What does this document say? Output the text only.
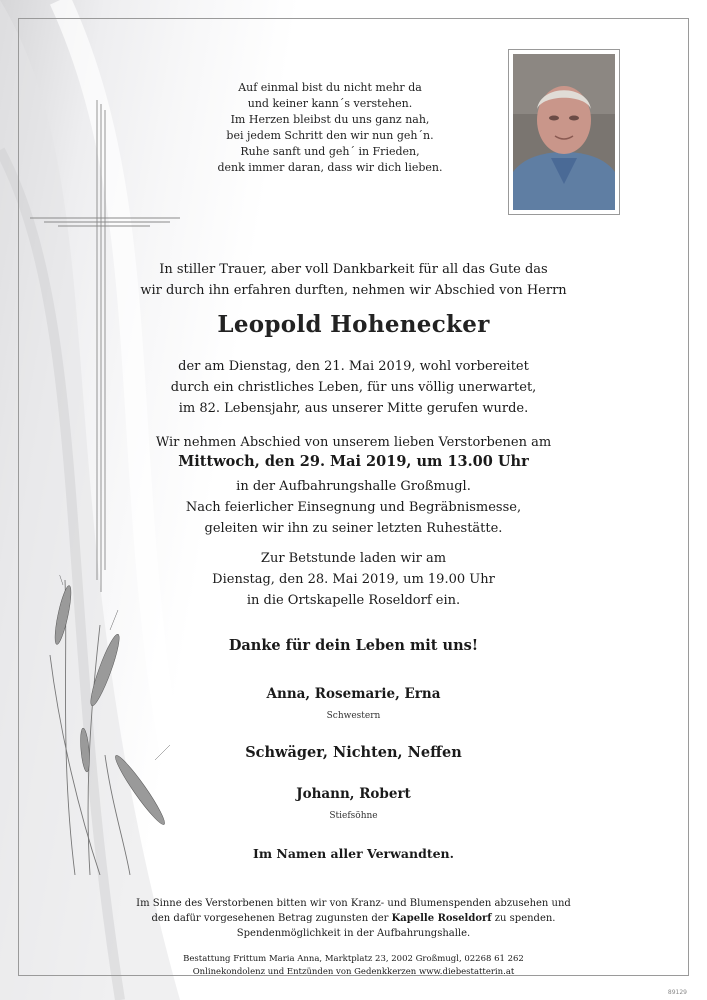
Auf einmal bist du nicht mehr da
und keiner kann´s verstehen.
Im Herzen bleibst du uns ganz nah,
bei jedem Schritt den wir nun geh´n.
Ruhe sanft und geh´ in Frieden,
denk immer daran, dass wir dich lieben.
In stiller Trauer, aber voll Dankbarkeit für all das Gute das
wir durch ihn erfahren durften, nehmen wir Abschied von Herrn
Leopold Hohenecker
der am Dienstag, den 21. Mai 2019, wohl vorbereitet
durch ein christliches Leben, für uns völlig unerwartet,
im 82. Lebensjahr, aus unserer Mitte gerufen wurde.
Wir nehmen Abschied von unserem lieben Verstorbenen am
Mittwoch, den 29. Mai 2019, um 13.00 Uhr
in der Aufbahrungshalle Großmugl.
Nach feierlicher Einsegnung und Begräbnismesse,
geleiten wir ihn zu seiner letzten Ruhestätte.
Zur Betstunde laden wir am
Dienstag, den 28. Mai 2019, um 19.00 Uhr
in die Ortskapelle Roseldorf ein.
Danke für dein Leben mit uns!
Anna, Rosemarie, Erna
Schwestern
Schwäger, Nichten, Neffen
Johann, Robert
Stiefsöhne
Im Namen aller Verwandten.
Im Sinne des Verstorbenen bitten wir von Kranz- und Blumenspenden abzusehen und
den dafür vorgesehenen Betrag zugunsten der Kapelle Roseldorf zu spenden.
Spendenmöglichkeit in der Aufbahrungshalle.
Bestattung Frittum Maria Anna, Marktplatz 23, 2002 Großmugl, 02268 61 262
Onlinekondolenz und Entzünden von Gedenkkerzen www.diebestatterin.at
89129
